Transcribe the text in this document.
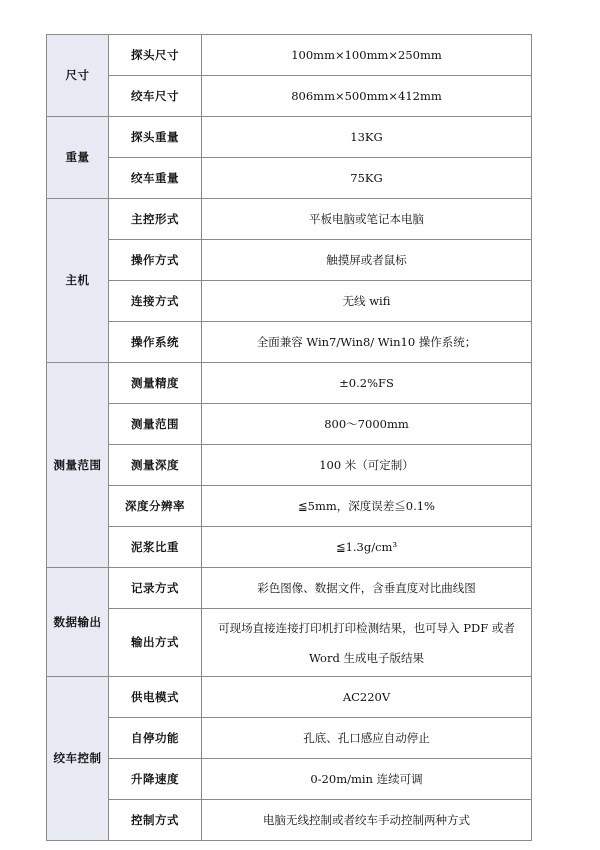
尺寸	探头尺寸	100mm×100mm×250mm
	绞车尺寸	806mm×500mm×412mm
重量	探头重量	13KG
	绞车重量	75KG
主机	主控形式	平板电脑或笔记本电脑
	操作方式	触摸屏或者鼠标
	连接方式	无线 wifi
	操作系统	全面兼容 Win7/Win8/ Win10 操作系统；
测量范围	测量精度	±0.2%FS
	测量范围	800～7000mm
	测量深度	100 米（可定制）
	深度分辨率	≦5mm，深度误差≦0.1%
	泥浆比重	≦1.3g/cm³
数据输出	记录方式	彩色图像、数据文件，含垂直度对比曲线图
	输出方式	可现场直接连接打印机打印检测结果，也可导入 PDF 或者 Word 生成电子版结果
绞车控制	供电模式	AC220V
	自停功能	孔底、孔口感应自动停止
	升降速度	0-20m/min 连续可调
	控制方式	电脑无线控制或者绞车手动控制两种方式
